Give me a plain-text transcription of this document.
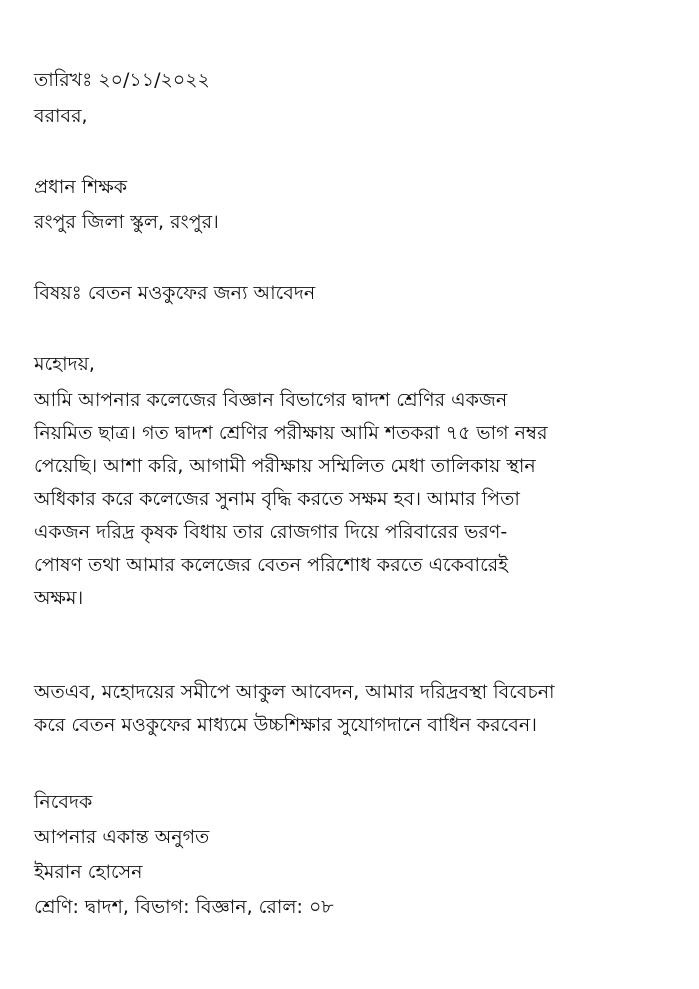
তারিখঃ ২০/১১/২০২২
বরাবর,
প্রধান শিক্ষক
রংপুর জিলা স্কুল, রংপুর।
বিষয়ঃ বেতন মওকুফের জন্য আবেদন
মহোদয়,
আমি আপনার কলেজের বিজ্ঞান বিভাগের দ্বাদশ শ্রেণির একজন
নিয়মিত ছাত্র। গত দ্বাদশ শ্রেণির পরীক্ষায় আমি শতকরা ৭৫ ভাগ নম্বর
পেয়েছি। আশা করি, আগামী পরীক্ষায় সম্মিলিত মেধা তালিকায় স্থান
অধিকার করে কলেজের সুনাম বৃদ্ধি করতে সক্ষম হব। আমার পিতা
একজন দরিদ্র কৃষক বিধায় তার রোজগার দিয়ে পরিবারের ভরণ-
পোষণ তথা আমার কলেজের বেতন পরিশোধ করতে একেবারেই
অক্ষম।
অতএব, মহোদয়ের সমীপে আকুল আবেদন, আমার দরিদ্রবস্থা বিবেচনা
করে বেতন মওকুফের মাধ্যমে উচ্চশিক্ষার সুযোগদানে বাধিন করবেন।
নিবেদক
আপনার একান্ত অনুগত
ইমরান হোসেন
শ্রেণি: দ্বাদশ, বিভাগ: বিজ্ঞান, রোল: ০৮
